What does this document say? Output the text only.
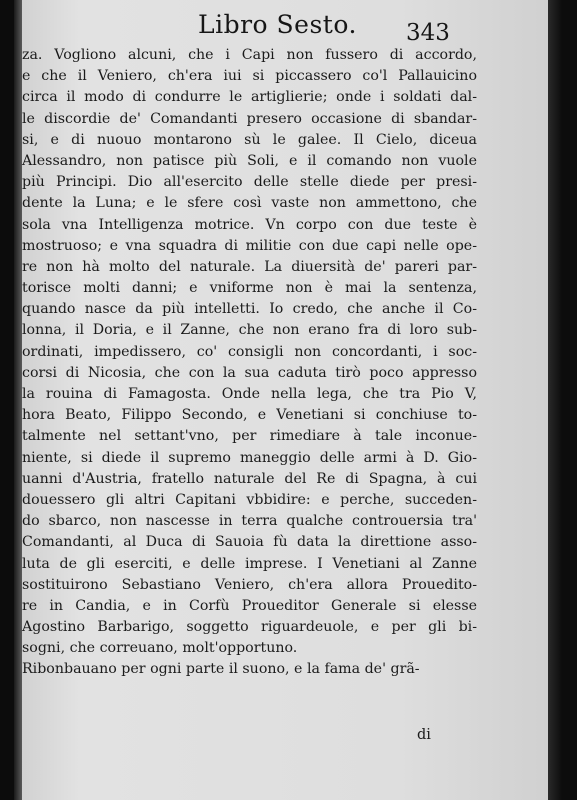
Libro Sesto. 343
za. Vogliono alcuni, che i Capi non fussero di accordo,
e che il Veniero, ch'era iui si piccassero co'l Pallauicino
circa il modo di condurre le artiglierie; onde i soldati dal-
le discordie de' Comandanti presero occasione di sbandar-
si, e di nuouo montarono sù le galee. Il Cielo, diceua
Alessandro, non patisce più Soli, e il comando non vuole
più Principi. Dio all'esercito delle stelle diede per presi-
dente la Luna; e le sfere così vaste non ammettono, che
sola vna Intelligenza motrice. Vn corpo con due teste è
mostruoso; e vna squadra di militie con due capi nelle ope-
re non hà molto del naturale. La diuersità de' pareri par-
torisce molti danni; e vniforme non è mai la sentenza,
quando nasce da più intelletti. Io credo, che anche il Co-
lonna, il Doria, e il Zanne, che non erano fra di loro sub-
ordinati, impedissero, co' consigli non concordanti, i soc-
corsi di Nicosia, che con la sua caduta tirò poco appresso
la rouina di Famagosta. Onde nella lega, che tra Pio V,
hora Beato, Filippo Secondo, e Venetiani si conchiuse to-
talmente nel settant'vno, per rimediare à tale inconue-
niente, si diede il supremo maneggio delle armi à D. Gio-
uanni d'Austria, fratello naturale del Re di Spagna, à cui
douessero gli altri Capitani vbbidire: e perche, succeden-
do sbarco, non nascesse in terra qualche controuersia tra'
Comandanti, al Duca di Sauoia fù data la direttione asso-
luta de gli eserciti, e delle imprese. I Venetiani al Zanne
sostituirono Sebastiano Veniero, ch'era allora Prouedito-
re in Candia, e in Corfù Proueditor Generale si elesse
Agostino Barbarigo, soggetto riguardeuole, e per gli bi-
sogni, che correuano, molt'opportuno.
Ribonbauano per ogni parte il suono, e la fama de' grã-
di
